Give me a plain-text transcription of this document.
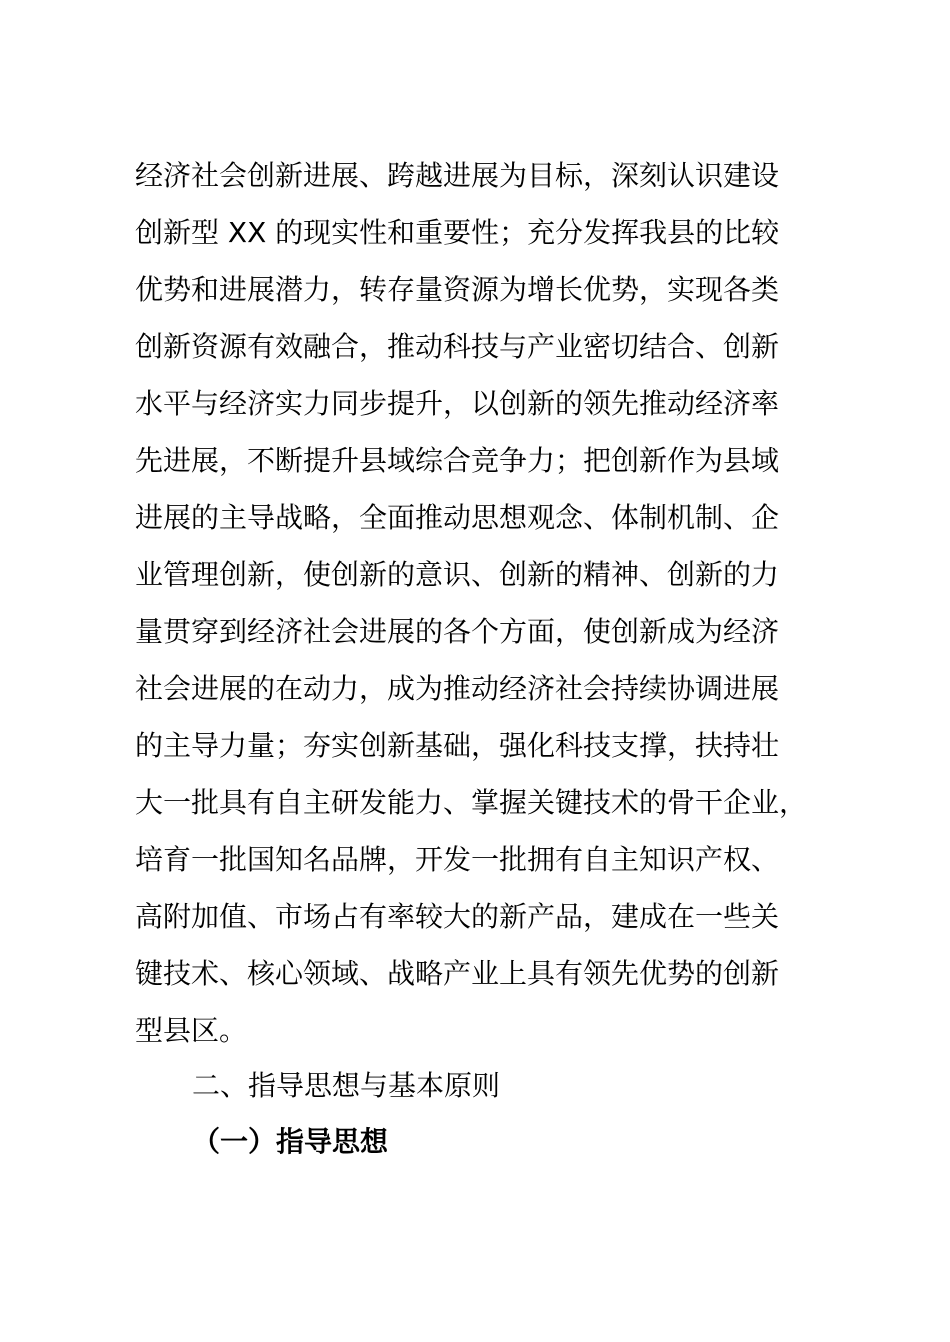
经济社会创新进展、跨越进展为目标，深刻认识建设
创新型 XX 的现实性和重要性；充分发挥我县的比较
优势和进展潜力，转存量资源为增长优势，实现各类
创新资源有效融合，推动科技与产业密切结合、创新
水平与经济实力同步提升，以创新的领先推动经济率
先进展，不断提升县域综合竞争力；把创新作为县域
进展的主导战略，全面推动思想观念、体制机制、企
业管理创新，使创新的意识、创新的精神、创新的力
量贯穿到经济社会进展的各个方面，使创新成为经济
社会进展的在动力，成为推动经济社会持续协调进展
的主导力量；夯实创新基础，强化科技支撑，扶持壮
大一批具有自主研发能力、掌握关键技术的骨干企业，
培育一批国知名品牌，开发一批拥有自主知识产权、
高附加值、市场占有率较大的新产品，建成在一些关
键技术、核心领域、战略产业上具有领先优势的创新
型县区。
二、指导思想与基本原则
（一）指导思想
